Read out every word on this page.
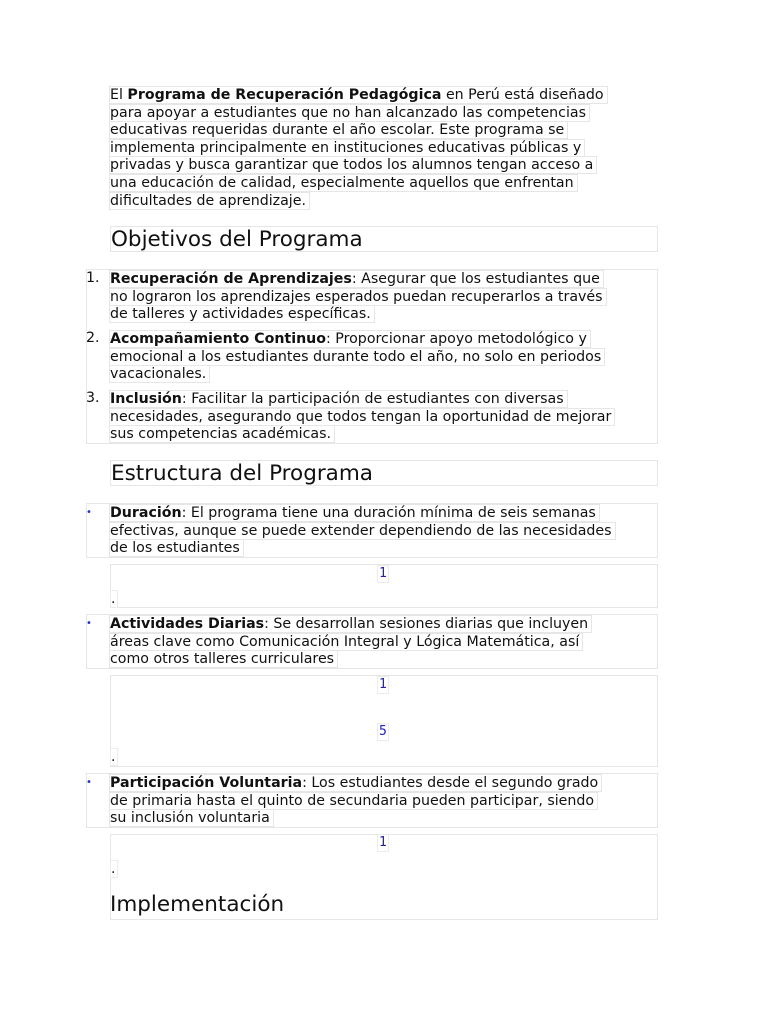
El Programa de Recuperación Pedagógica en Perú está diseñado
para apoyar a estudiantes que no han alcanzado las competencias
educativas requeridas durante el año escolar. Este programa se
implementa principalmente en instituciones educativas públicas y
privadas y busca garantizar que todos los alumnos tengan acceso a
una educación de calidad, especialmente aquellos que enfrentan
dificultades de aprendizaje.
Objetivos del Programa
1. Recuperación de Aprendizajes: Asegurar que los estudiantes que
no lograron los aprendizajes esperados puedan recuperarlos a través
de talleres y actividades específicas.
2. Acompañamiento Continuo: Proporcionar apoyo metodológico y
emocional a los estudiantes durante todo el año, no solo en periodos
vacacionales.
3. Inclusión: Facilitar la participación de estudiantes con diversas
necesidades, asegurando que todos tengan la oportunidad de mejorar
sus competencias académicas.
Estructura del Programa
• Duración: El programa tiene una duración mínima de seis semanas
efectivas, aunque se puede extender dependiendo de las necesidades
de los estudiantes
1
.
• Actividades Diarias: Se desarrollan sesiones diarias que incluyen
áreas clave como Comunicación Integral y Lógica Matemática, así
como otros talleres curriculares
1
5
.
• Participación Voluntaria: Los estudiantes desde el segundo grado
de primaria hasta el quinto de secundaria pueden participar, siendo
su inclusión voluntaria
1
.
Implementación
